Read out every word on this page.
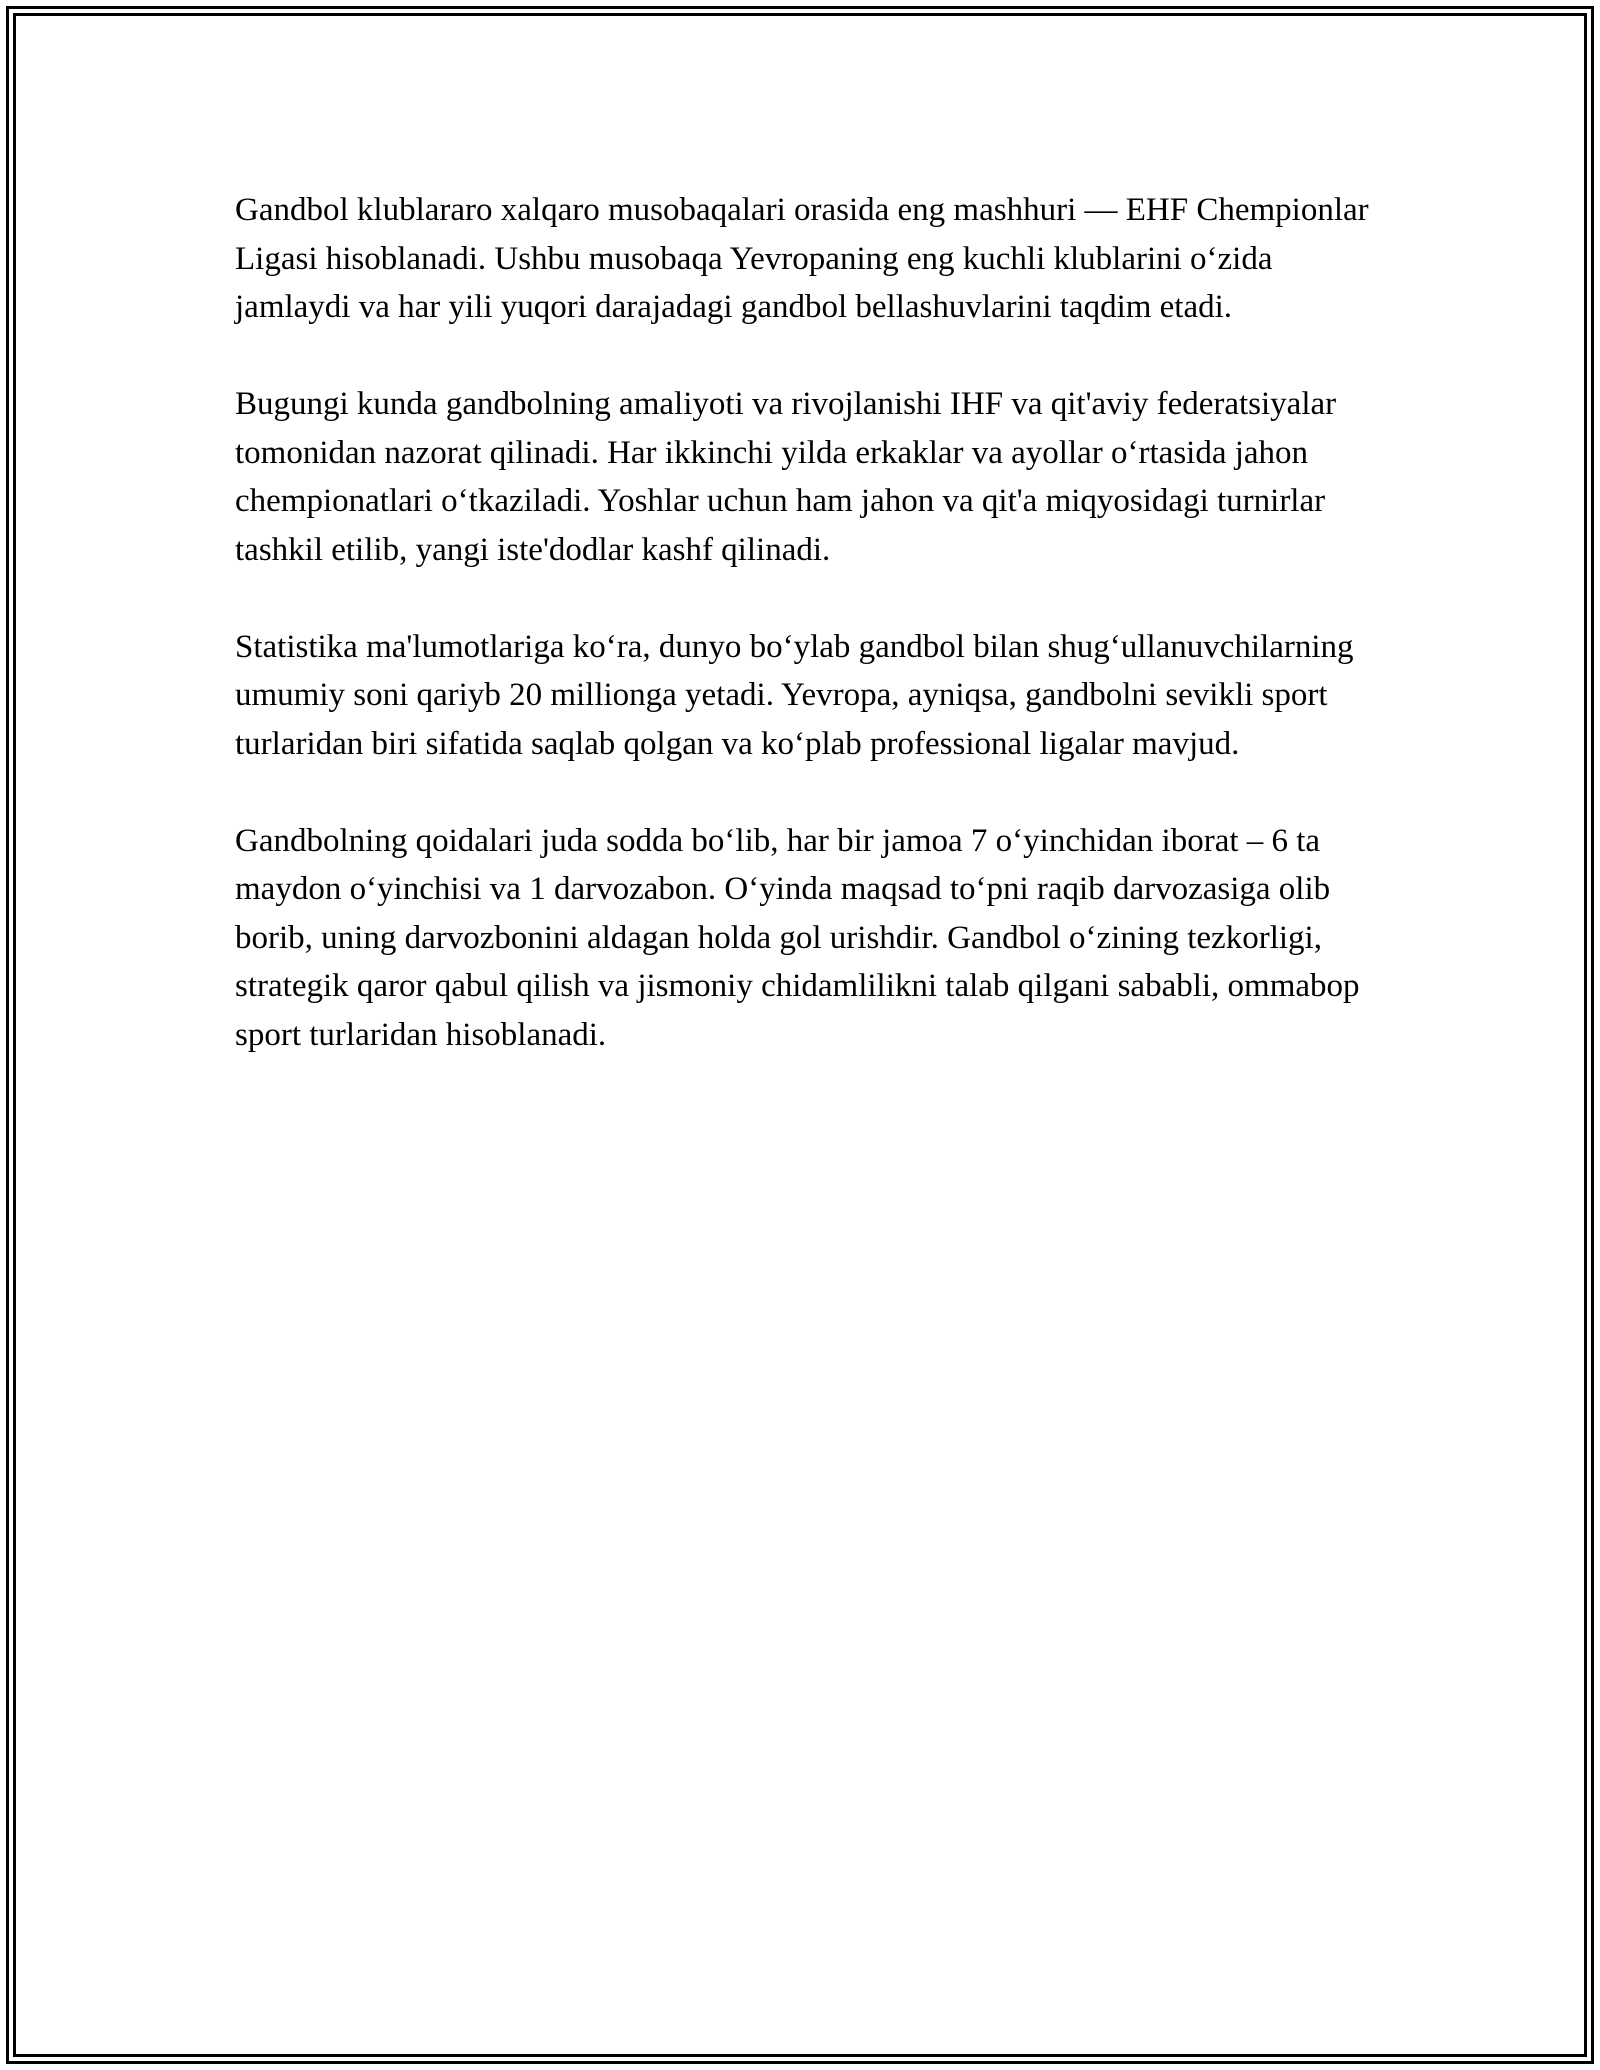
Gandbol klublararo xalqaro musobaqalari orasida eng mashhuri — EHF Chempionlar Ligasi hisoblanadi. Ushbu musobaqa Yevropaning eng kuchli klublarini o‘zida jamlaydi va har yili yuqori darajadagi gandbol bellashuvlarini taqdim etadi.

Bugungi kunda gandbolning amaliyoti va rivojlanishi IHF va qit'aviy federatsiyalar tomonidan nazorat qilinadi. Har ikkinchi yilda erkaklar va ayollar o‘rtasida jahon chempionatlari o‘tkaziladi. Yoshlar uchun ham jahon va qit'a miqyosidagi turnirlar tashkil etilib, yangi iste'dodlar kashf qilinadi.

Statistika ma'lumotlariga ko‘ra, dunyo bo‘ylab gandbol bilan shug‘ullanuvchilarning umumiy soni qariyb 20 millionga yetadi. Yevropa, ayniqsa, gandbolni sevikli sport turlaridan biri sifatida saqlab qolgan va ko‘plab professional ligalar mavjud.

Gandbolning qoidalari juda sodda bo‘lib, har bir jamoa 7 o‘yinchidan iborat – 6 ta maydon o‘yinchisi va 1 darvozabon. O‘yinda maqsad to‘pni raqib darvozasiga olib borib, uning darvozbonini aldagan holda gol urishdir. Gandbol o‘zining tezkorligi, strategik qaror qabul qilish va jismoniy chidamlilikni talab qilgani sababli, ommabop sport turlaridan hisoblanadi.
